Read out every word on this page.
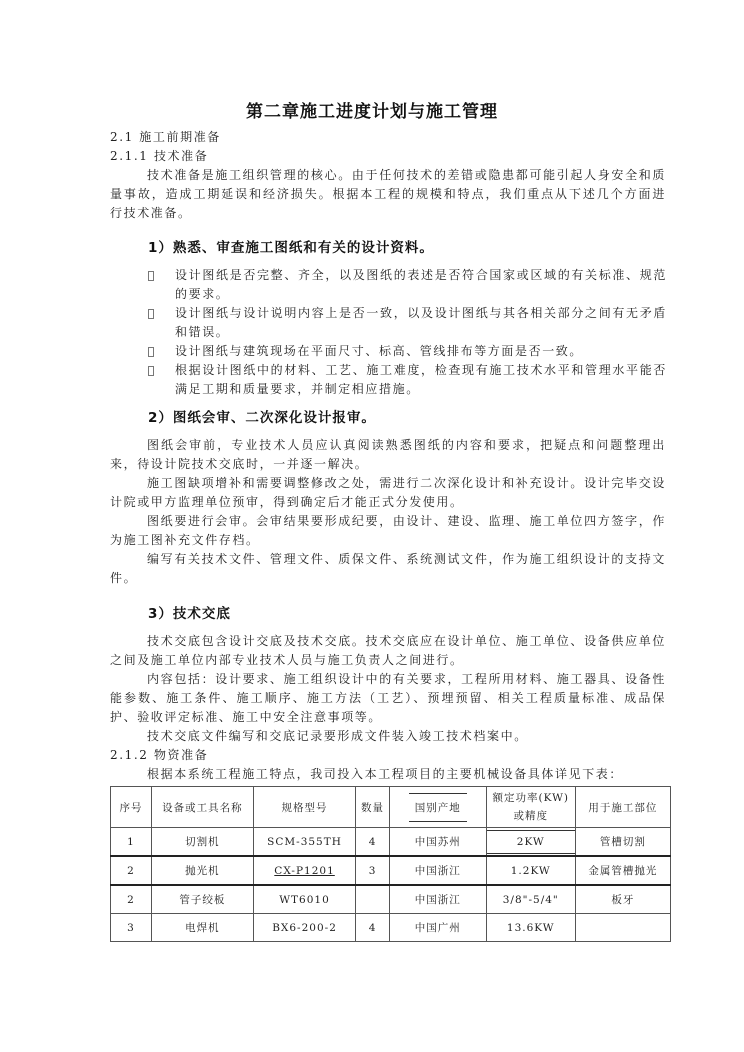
第二章施工进度计划与施工管理
2.1 施工前期准备
2.1.1 技术准备
技术准备是施工组织管理的核心。由于任何技术的差错或隐患都可能引起人身安全和质量事故，造成工期延误和经济损失。根据本工程的规模和特点，我们重点从下述几个方面进行技术准备。
1）熟悉、审查施工图纸和有关的设计资料。
设计图纸是否完整、齐全，以及图纸的表述是否符合国家或区域的有关标准、规范的要求。
设计图纸与设计说明内容上是否一致，以及设计图纸与其各相关部分之间有无矛盾和错误。
设计图纸与建筑现场在平面尺寸、标高、管线排布等方面是否一致。
根据设计图纸中的材料、工艺、施工难度，检查现有施工技术水平和管理水平能否满足工期和质量要求，并制定相应措施。
2）图纸会审、二次深化设计报审。
图纸会审前，专业技术人员应认真阅读熟悉图纸的内容和要求，把疑点和问题整理出来，待设计院技术交底时，一并逐一解决。
施工图缺项增补和需要调整修改之处，需进行二次深化设计和补充设计。设计完毕交设计院或甲方监理单位预审，得到确定后才能正式分发使用。
图纸要进行会审。会审结果要形成纪要，由设计、建设、监理、施工单位四方签字，作为施工图补充文件存档。
编写有关技术文件、管理文件、质保文件、系统测试文件，作为施工组织设计的支持文件。
3）技术交底
技术交底包含设计交底及技术交底。技术交底应在设计单位、施工单位、设备供应单位之间及施工单位内部专业技术人员与施工负责人之间进行。
内容包括：设计要求、施工组织设计中的有关要求，工程所用材料、施工器具、设备性能参数、施工条件、施工顺序、施工方法（工艺）、预埋预留、相关工程质量标准、成品保护、验收评定标准、施工中安全注意事项等。
技术交底文件编写和交底记录要形成文件装入竣工技术档案中。
2.1.2 物资准备
根据本系统工程施工特点，我司投入本工程项目的主要机械设备具体详见下表：
序号	设备或工具名称	规格型号	数量	国别产地	额定功率(KW)
或精度	用于施工部位
1	切割机	SCM-355TH	4	中国苏州	2KW	管槽切割
2	抛光机	CX-P1201	3	中国浙江	1.2KW	金属管槽抛光
2	管子绞板	WT6010		中国浙江	3/8"-5/4"	板牙
3	电焊机	BX6-200-2	4	中国广州	13.6KW	
